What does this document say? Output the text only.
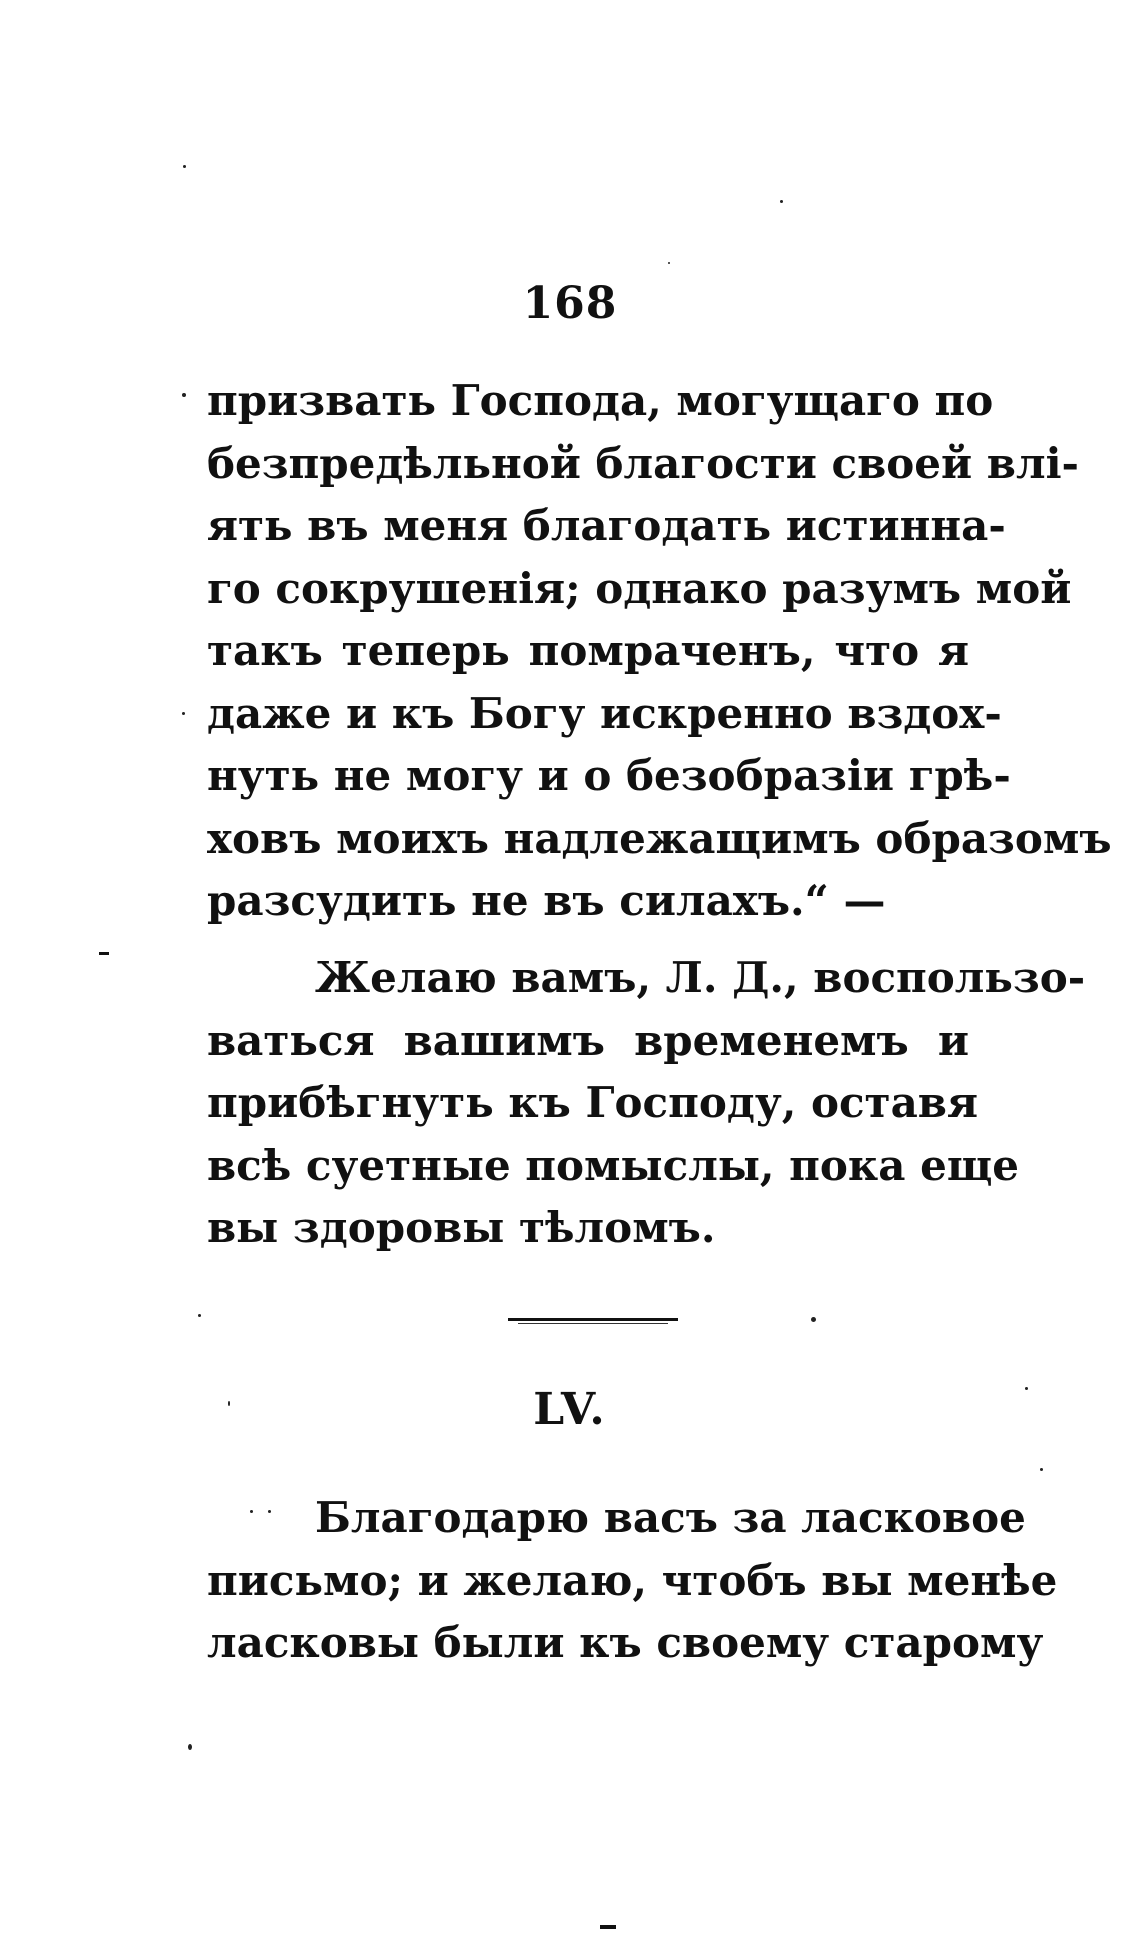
168
призвать Господа, могущаго по
безпредѣльной благости своей влі-
ять въ меня благодать истинна-
го сокрушенія; однако разумъ мой
такъ теперь помраченъ, что я
даже и къ Богу искренно вздох-
нуть не могу и о безобразіи грѣ-
ховъ моихъ надлежащимъ образомъ
разсудить не въ силахъ.“ —
Желаю вамъ, Л. Д., воспользо-
ваться вашимъ временемъ и
прибѣгнуть къ Господу, оставя
всѣ суетные помыслы, пока еще
вы здоровы тѣломъ.
LV.
Благодарю васъ за ласковое
письмо; и желаю, чтобъ вы менѣе
ласковы были къ своему старому
